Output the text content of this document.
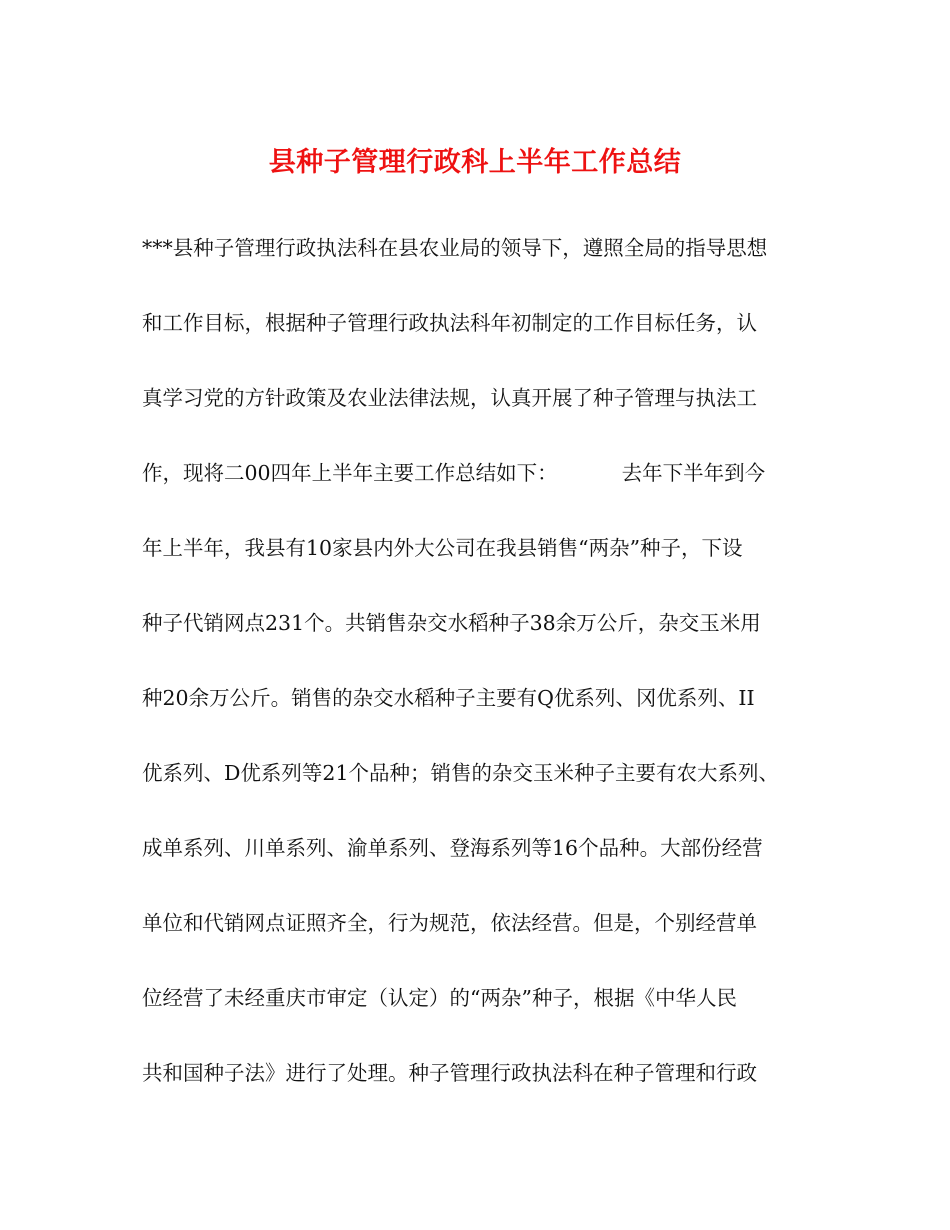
县种子管理行政科上半年工作总结
***县种子管理行政执法科在县农业局的领导下，遵照全局的指导思想
和工作目标，根据种子管理行政执法科年初制定的工作目标任务，认
真学习党的方针政策及农业法律法规，认真开展了种子管理与执法工
作，现将二00四年上半年主要工作总结如下：	去年下半年到今
年上半年，我县有10家县内外大公司在我县销售“两杂”种子，下设
种子代销网点231个。共销售杂交水稻种子38余万公斤，杂交玉米用
种20余万公斤。销售的杂交水稻种子主要有Q优系列、冈优系列、II
优系列、D优系列等21个品种；销售的杂交玉米种子主要有农大系列、
成单系列、川单系列、渝单系列、登海系列等16个品种。大部份经营
单位和代销网点证照齐全，行为规范，依法经营。但是，个别经营单
位经营了未经重庆市审定（认定）的“两杂”种子，根据《中华人民
共和国种子法》进行了处理。种子管理行政执法科在种子管理和行政
